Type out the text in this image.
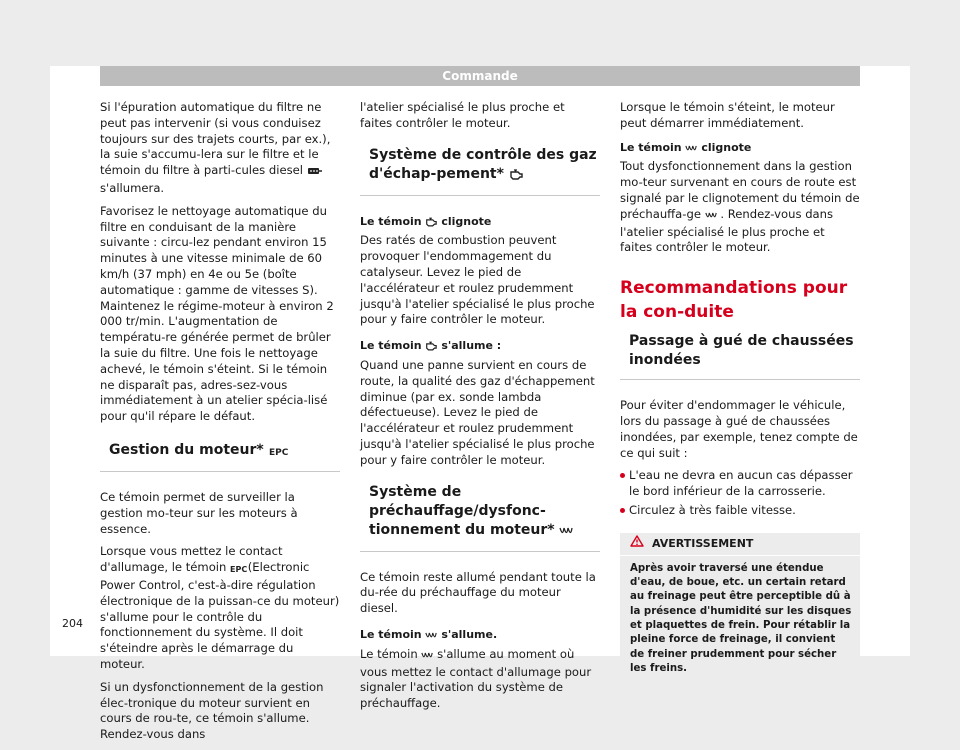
Commande

Si l'épuration automatique du filtre ne peut pas intervenir (si vous conduisez toujours sur des trajets courts, par ex.), la suie s'accumu-lera sur le filtre et le témoin du filtre à parti-cules diesel  s'allumera.

Favorisez le nettoyage automatique du filtre en conduisant de la manière suivante : circu-lez pendant environ 15 minutes à une vitesse minimale de 60 km/h (37 mph) en 4e ou 5e (boîte automatique : gamme de vitesses S). Maintenez le régime-moteur à environ 2 000 tr/min. L'augmentation de températu-re générée permet de brûler la suie du filtre. Une fois le nettoyage achevé, le témoin s'éteint. Si le témoin ne disparaît pas, adres-sez-vous immédiatement à un atelier spécia-lisé pour qu'il répare le défaut.

Gestion du moteur* EPC

Ce témoin permet de surveiller la gestion mo-teur sur les moteurs à essence.

Lorsque vous mettez le contact d'allumage, le témoin EPC (Electronic Power Control, c'est-à-dire régulation électronique de la puissan-ce du moteur) s'allume pour le contrôle du fonctionnement du système. Il doit s'éteindre après le démarrage du moteur.

Si un dysfonctionnement de la gestion élec-tronique du moteur survient en cours de rou-te, ce témoin s'allume. Rendez-vous dans

l'atelier spécialisé le plus proche et faites contrôler le moteur.

Système de contrôle des gaz d'échap-pement*
Le témoin clignote

Des ratés de combustion peuvent provoquer l'endommagement du catalyseur. Levez le pied de l'accélérateur et roulez prudemment jusqu'à l'atelier spécialisé le plus proche pour y faire contrôler le moteur.

Le témoin s'allume :

Quand une panne survient en cours de route, la qualité des gaz d'échappement diminue (par ex. sonde lambda défectueuse). Levez le pied de l'accélérateur et roulez prudemment jusqu'à l'atelier spécialisé le plus proche pour y faire contrôler le moteur.

Système de préchauffage/dysfonc-tionnement du moteur*

Ce témoin reste allumé pendant toute la du-rée du préchauffage du moteur diesel.

Le témoin s'allume.

Le témoin s'allume au moment où vous mettez le contact d'allumage pour signaler l'activation du système de préchauffage.

Lorsque le témoin s'éteint, le moteur peut démarrer immédiatement.

Le témoin clignote

Tout dysfonctionnement dans la gestion mo-teur survenant en cours de route est signalé par le clignotement du témoin de préchauffa-ge . Rendez-vous dans l'atelier spécialisé le plus proche et faites contrôler le moteur.

Recommandations pour la con-duite
Passage à gué de chaussées inondées

Pour éviter d'endommager le véhicule, lors du passage à gué de chaussées inondées, par exemple, tenez compte de ce qui suit :

L'eau ne devra en aucun cas dépasser le bord inférieur de la carrosserie.
Circulez à très faible vitesse.
AVERTISSEMENT
Après avoir traversé une étendue d'eau, de boue, etc. un certain retard au freinage peut être perceptible dû à la présence d'humidité sur les disques et plaquettes de frein. Pour rétablir la pleine force de freinage, il convient de freiner prudemment pour sécher les freins.
204
